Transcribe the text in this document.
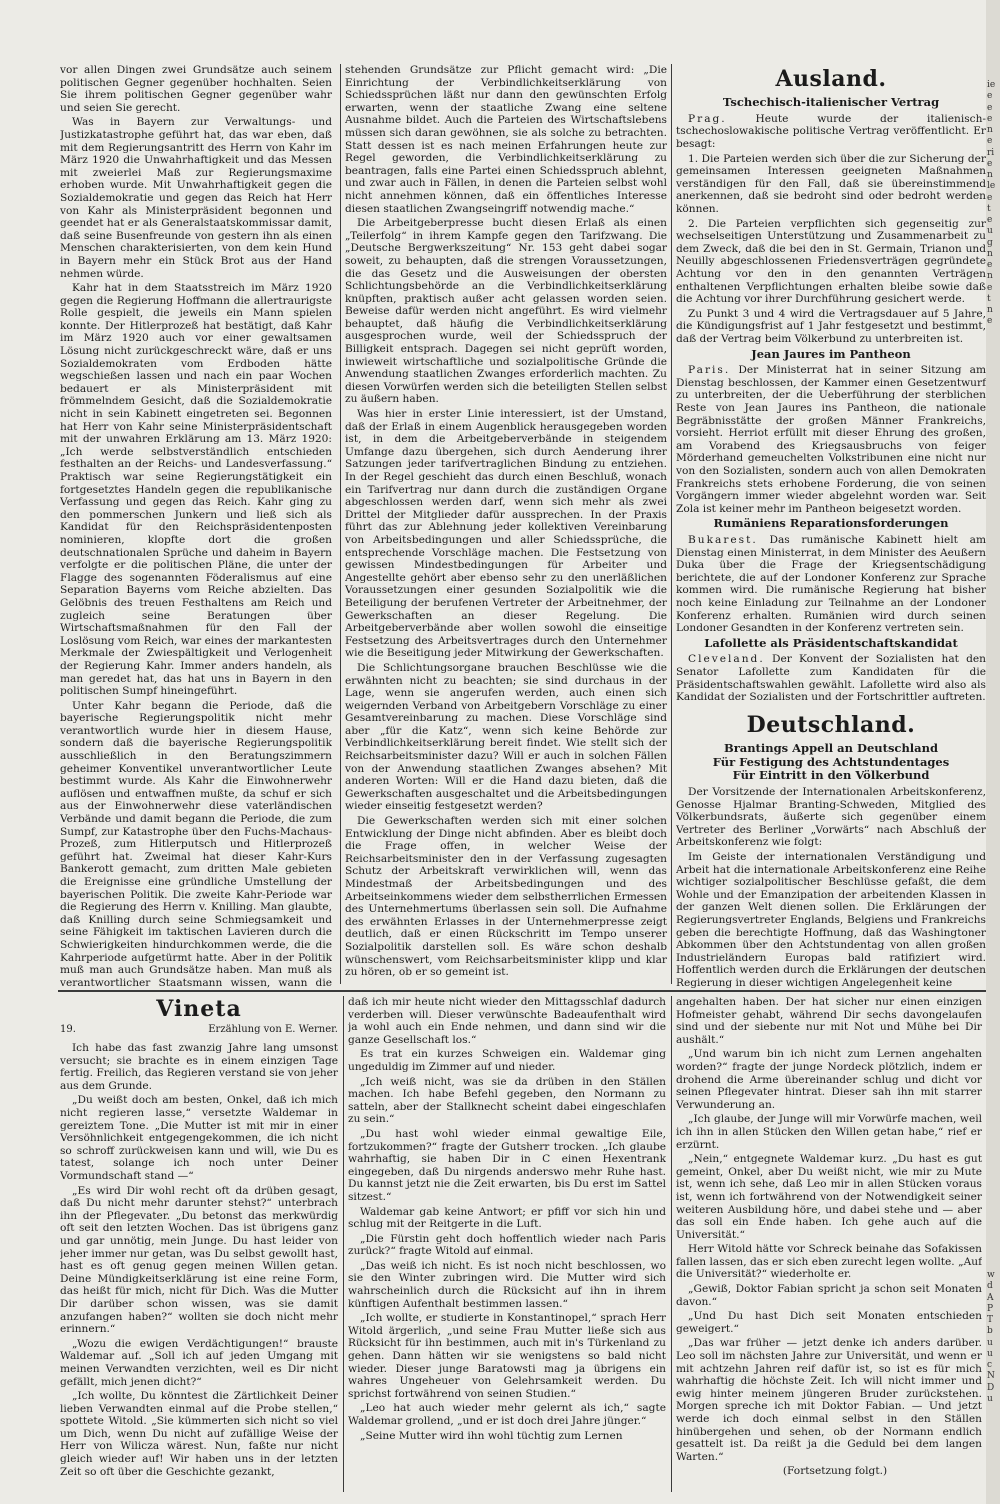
vor allen Dingen zwei Grundsätze auch seinem politischen Gegner gegenüber hochhalten. Seien Sie ihrem politischen Gegner gegenüber wahr und seien Sie gerecht.

Was in Bayern zur Verwaltungs- und Justizkatastrophe geführt hat, das war eben, daß mit dem Regierungsantritt des Herrn von Kahr im März 1920 die Unwahrhaftigkeit und das Messen mit zweierlei Maß zur Regierungsmaxime erhoben wurde. Mit Unwahrhaftigkeit gegen die Sozialdemokratie und gegen das Reich hat Herr von Kahr als Ministerpräsident begonnen und geendet hat er als Generalstaatskommissar damit, daß seine Busenfreunde von gestern ihn als einen Menschen charakterisierten, von dem kein Hund in Bayern mehr ein Stück Brot aus der Hand nehmen würde.

Kahr hat in dem Staatsstreich im März 1920 gegen die Regierung Hoffmann die allertraurigste Rolle gespielt, die jeweils ein Mann spielen konnte. Der Hitlerprozeß hat bestätigt, daß Kahr im März 1920 auch vor einer gewaltsamen Lösung nicht zurückgeschreckt wäre, daß er uns Sozialdemokraten vom Erdboden hätte wegschießen lassen und nach ein paar Wochen bedauert er als Ministerpräsident mit frömmelndem Gesicht, daß die Sozialdemokratie nicht in sein Kabinett eingetreten sei. Begonnen hat Herr von Kahr seine Ministerpräsidentschaft mit der unwahren Erklärung am 13. März 1920: „Ich werde selbstverständlich entschieden festhalten an der Reichs- und Landesverfassung.“ Praktisch war seine Regierungstätigkeit ein fortgesetztes Handeln gegen die republikanische Verfassung und gegen das Reich. Kahr ging zu den pommerschen Junkern und ließ sich als Kandidat für den Reichspräsidentenposten nominieren, klopfte dort die großen deutschnationalen Sprüche und daheim in Bayern verfolgte er die politischen Pläne, die unter der Flagge des sogenannten Föderalismus auf eine Separation Bayerns vom Reiche abzielten. Das Gelöbnis des treuen Festhaltens am Reich und zugleich seine Beratungen über Wirtschaftsmaßnahmen für den Fall der Loslösung vom Reich, war eines der markantesten Merkmale der Zwiespältigkeit und Verlogenheit der Regierung Kahr. Immer anders handeln, als man geredet hat, das hat uns in Bayern in den politischen Sumpf hineingeführt.

Unter Kahr begann die Periode, daß die bayerische Regierungspolitik nicht mehr verantwortlich wurde hier in diesem Hause, sondern daß die bayerische Regierungspolitik ausschließlich in den Beratungszimmern geheimer Konventikel unverantwortlicher Leute bestimmt wurde. Als Kahr die Einwohnerwehr auflösen und entwaffnen mußte, da schuf er sich aus der Einwohnerwehr diese vaterländischen Verbände und damit begann die Periode, die zum Sumpf, zur Katastrophe über den Fuchs-Machaus-Prozeß, zum Hitlerputsch und Hitlerprozeß geführt hat. Zweimal hat dieser Kahr-Kurs Bankerott gemacht, zum dritten Male gebieten die Ereignisse eine gründliche Umstellung der bayerischen Politik. Die zweite Kahr-Periode war die Regierung des Herrn v. Knilling. Man glaubte, daß Knilling durch seine Schmiegsamkeit und seine Fähigkeit im taktischen Lavieren durch die Schwierigkeiten hindurchkommen werde, die die Kahrperiode aufgetürmt hatte. Aber in der Politik muß man auch Grundsätze haben. Man muß als verantwortlicher Staatsmann wissen, wann die

stehenden Grundsätze zur Pflicht gemacht wird: „Die Einrichtung der Verbindlichkeitserklärung von Schiedssprüchen läßt nur dann den gewünschten Erfolg erwarten, wenn der staatliche Zwang eine seltene Ausnahme bildet. Auch die Parteien des Wirtschaftslebens müssen sich daran gewöhnen, sie als solche zu betrachten. Statt dessen ist es nach meinen Erfahrungen heute zur Regel geworden, die Verbindlichkeitserklärung zu beantragen, falls eine Partei einen Schiedsspruch ablehnt, und zwar auch in Fällen, in denen die Parteien selbst wohl nicht annehmen können, daß ein öffentliches Interesse diesen staatlichen Zwangseingriff notwendig mache.“

Die Arbeitgeberpresse bucht diesen Erlaß als einen „Teilerfolg“ in ihrem Kampfe gegen den Tarifzwang. Die „Deutsche Bergwerkszeitung“ Nr. 153 geht dabei sogar soweit, zu behaupten, daß die strengen Voraussetzungen, die das Gesetz und die Ausweisungen der obersten Schlichtungsbehörde an die Verbindlichkeitserklärung knüpften, praktisch außer acht gelassen worden seien. Beweise dafür werden nicht angeführt. Es wird vielmehr behauptet, daß häufig die Verbindlichkeitserklärung ausgesprochen wurde, weil der Schiedsspruch der Billigkeit entsprach. Dagegen sei nicht geprüft worden, inwieweit wirtschaftliche und sozialpolitische Gründe die Anwendung staatlichen Zwanges erforderlich machten. Zu diesen Vorwürfen werden sich die beteiligten Stellen selbst zu äußern haben.

Was hier in erster Linie interessiert, ist der Umstand, daß der Erlaß in einem Augenblick herausgegeben worden ist, in dem die Arbeitgeberverbände in steigendem Umfange dazu übergehen, sich durch Aenderung ihrer Satzungen jeder tarifvertraglichen Bindung zu entziehen. In der Regel geschieht das durch einen Beschluß, wonach ein Tarifvertrag nur dann durch die zuständigen Organe abgeschlossen werden darf, wenn sich mehr als zwei Drittel der Mitglieder dafür aussprechen. In der Praxis führt das zur Ablehnung jeder kollektiven Vereinbarung von Arbeitsbedingungen und aller Schiedssprüche, die entsprechende Vorschläge machen. Die Festsetzung von gewissen Mindestbedingungen für Arbeiter und Angestellte gehört aber ebenso sehr zu den unerläßlichen Voraussetzungen einer gesunden Sozialpolitik wie die Beteiligung der berufenen Vertreter der Arbeitnehmer, der Gewerkschaften an dieser Regelung. Die Arbeitgeberverbände aber wollen sowohl die einseitige Festsetzung des Arbeitsvertrages durch den Unternehmer wie die Beseitigung jeder Mitwirkung der Gewerkschaften.

Die Schlichtungsorgane brauchen Beschlüsse wie die erwähnten nicht zu beachten; sie sind durchaus in der Lage, wenn sie angerufen werden, auch einen sich weigernden Verband von Arbeitgebern Vorschläge zu einer Gesamtvereinbarung zu machen. Diese Vorschläge sind aber „für die Katz“, wenn sich keine Behörde zur Verbindlichkeitserklärung bereit findet. Wie stellt sich der Reichsarbeitsminister dazu? Will er auch in solchen Fällen von der Anwendung staatlichen Zwanges absehen? Mit anderen Worten: Will er die Hand dazu bieten, daß die Gewerkschaften ausgeschaltet und die Arbeitsbedingungen wieder einseitig festgesetzt werden?

Die Gewerkschaften werden sich mit einer solchen Entwicklung der Dinge nicht abfinden. Aber es bleibt doch die Frage offen, in welcher Weise der Reichsarbeitsminister den in der Verfassung zugesagten Schutz der Arbeitskraft verwirklichen will, wenn das Mindestmaß der Arbeitsbedingungen und des Arbeitseinkommens wieder dem selbstherrlichen Ermessen des Unternehmertums überlassen sein soll. Die Aufnahme des erwähnten Erlasses in der Unternehmerpresse zeigt deutlich, daß er einen Rückschritt im Tempo unserer Sozialpolitik darstellen soll. Es wäre schon deshalb wünschenswert, vom Reichsarbeitsminister klipp und klar zu hören, ob er so gemeint ist.

Ausland.
Tschechisch-italienischer Vertrag

Prag.	Heute wurde der italienisch-tschechoslowakische politische Vertrag veröffentlicht. Er besagt:

1. Die Parteien werden sich über die zur Sicherung der gemeinsamen Interessen geeigneten Maßnahmen verständigen für den Fall, daß sie übereinstimmend anerkennen, daß sie bedroht sind oder bedroht werden können.

2. Die Parteien verpflichten sich gegenseitig zur wechselseitigen Unterstützung und Zusammenarbeit zu dem Zweck, daß die bei den in St. Germain, Trianon und Neuilly abgeschlossenen Friedensverträgen gegründete Achtung vor den in den genannten Verträgen enthaltenen Verpflichtungen erhalten bleibe sowie daß die Achtung vor ihrer Durchführung gesichert werde.

Zu Punkt 3 und 4 wird die Vertragsdauer auf 5 Jahre, die Kündigungsfrist auf 1 Jahr festgesetzt und bestimmt, daß der Vertrag beim Völkerbund zu unterbreiten ist.

Jean Jaures im Pantheon

Paris. Der Ministerrat hat in seiner Sitzung am Dienstag beschlossen, der Kammer einen Gesetzentwurf zu unterbreiten, der die Ueberführung der sterblichen Reste von Jean Jaures ins Pantheon, die nationale Begräbnisstätte der großen Männer Frankreichs, vorsieht. Herriot erfüllt mit dieser Ehrung des großen, am Vorabend des Kriegsausbruchs von feiger Mörderhand gemeuchelten Volkstribunen eine nicht nur von den Sozialisten, sondern auch von allen Demokraten Frankreichs stets erhobene Forderung, die von seinen Vorgängern immer wieder abgelehnt worden war. Seit Zola ist keiner mehr im Pantheon beigesetzt worden.

Rumäniens Reparationsforderungen

Bukarest. Das rumänische Kabinett hielt am Dienstag einen Ministerrat, in dem Minister des Aeußern Duka über die Frage der Kriegsentschädigung berichtete, die auf der Londoner Konferenz zur Sprache kommen wird. Die rumänische Regierung hat bisher noch keine Einladung zur Teilnahme an der Londoner Konferenz erhalten. Rumänien wird durch seinen Londoner Gesandten in der Konferenz vertreten sein.

Lafollette als Präsidentschaftskandidat

Cleveland. Der Konvent der Sozialisten hat den Senator Lafollette zum Kandidaten für die Präsidentschaftswahlen gewählt. Lafollette wird also als Kandidat der Sozialisten und der Fortschrittler auftreten.

Deutschland.
Brantings Appell an Deutschland
Für Festigung des Achtstundentages
Für Eintritt in den Völkerbund

Der Vorsitzende der Internationalen Arbeitskonferenz, Genosse Hjalmar Branting-Schweden, Mitglied des Völkerbundsrats, äußerte sich gegenüber einem Vertreter des Berliner „Vorwärts“ nach Abschluß der Arbeitskonferenz wie folgt:

Im Geiste der internationalen Verständigung und Arbeit hat die internationale Arbeitskonferenz eine Reihe wichtiger sozialpolitischer Beschlüsse gefaßt, die dem Wohle und der Emanzipation der arbeitenden Klassen in der ganzen Welt dienen sollen. Die Erklärungen der Regierungsvertreter Englands, Belgiens und Frankreichs geben die berechtigte Hoffnung, daß das Washingtoner Abkommen über den Achtstundentag von allen großen Industrieländern Europas bald ratifiziert wird. Hoffentlich werden durch die Erklärungen der deutschen Regierung in dieser wichtigen Angelegenheit keine

Vineta
19.	Erzählung von E. Werner.

Ich habe das fast zwanzig Jahre lang umsonst versucht; sie brachte es in einem einzigen Tage fertig. Freilich, das Regieren verstand sie von jeher aus dem Grunde.

„Du weißt doch am besten, Onkel, daß ich mich nicht regieren lasse,“ versetzte Waldemar in gereiztem Tone. „Die Mutter ist mit mir in einer Versöhnlichkeit entgegengekommen, die ich nicht so schroff zurückweisen kann und will, wie Du es tatest, solange ich noch unter Deiner Vormundschaft stand —“

„Es wird Dir wohl recht oft da drüben gesagt, daß Du nicht mehr darunter stehst?“ unterbrach ihn der Pflegevater. „Du betonst das merkwürdig oft seit den letzten Wochen. Das ist übrigens ganz und gar unnötig, mein Junge. Du hast leider von jeher immer nur getan, was Du selbst gewollt hast, hast es oft genug gegen meinen Willen getan. Deine Mündigkeitserklärung ist eine reine Form, das heißt für mich, nicht für Dich. Was die Mutter Dir darüber schon wissen, was sie damit anzufangen haben?“ wollten sie doch nicht mehr erinnern.“

„Wozu die ewigen Verdächtigungen!“ brauste Waldemar auf. „Soll ich auf jeden Umgang mit meinen Verwandten verzichten, weil es Dir nicht gefällt, mich jenen dicht?“

„Ich wollte, Du könntest die Zärtlichkeit Deiner lieben Verwandten einmal auf die Probe stellen,“ spottete Witold. „Sie kümmerten sich nicht so viel um Dich, wenn Du nicht auf zufällige Weise der Herr von Wilicza wärest. Nun, faßte nur nicht gleich wieder auf! Wir haben uns in der letzten Zeit so oft über die Geschichte gezankt,

daß ich mir heute nicht wieder den Mittagsschlaf dadurch verderben will. Dieser verwünschte Badeaufenthalt wird ja wohl auch ein Ende nehmen, und dann sind wir die ganze Gesellschaft los.“

Es trat ein kurzes Schweigen ein. Waldemar ging ungeduldig im Zimmer auf und nieder.

„Ich weiß nicht, was sie da drüben in den Ställen machen. Ich habe Befehl gegeben, den Normann zu satteln, aber der Stallknecht scheint dabei eingeschlafen zu sein.“

„Du hast wohl wieder einmal gewaltige Eile, fortzukommen?“ fragte der Gutsherr trocken. „Ich glaube wahrhaftig, sie haben Dir in C einen Hexentrank eingegeben, daß Du nirgends anderswo mehr Ruhe hast. Du kannst jetzt nie die Zeit erwarten, bis Du erst im Sattel sitzest.“

Waldemar gab keine Antwort; er pfiff vor sich hin und schlug mit der Reitgerte in die Luft.

„Die Fürstin geht doch hoffentlich wieder nach Paris zurück?“ fragte Witold auf einmal.

„Das weiß ich nicht. Es ist noch nicht beschlossen, wo sie den Winter zubringen wird. Die Mutter wird sich wahrscheinlich durch die Rücksicht auf ihn in ihrem künftigen Aufenthalt bestimmen lassen.“

„Ich wollte, er studierte in Konstantinopel,“ sprach Herr Witold ärgerlich, „und seine Frau Mutter ließe sich aus Rücksicht für ihn bestimmen, auch mit in's Türkenland zu gehen. Dann hätten wir sie wenigstens so bald nicht wieder. Dieser junge Baratowsti mag ja übrigens ein wahres Ungeheuer von Gelehrsamkeit werden. Du sprichst fortwährend von seinen Studien.“

„Leo hat auch wieder mehr gelernt als ich,“ sagte Waldemar grollend, „und er ist doch drei Jahre jünger.“

„Seine Mutter wird ihn wohl tüchtig zum Lernen

angehalten haben. Der hat sicher nur einen einzigen Hofmeister gehabt, während Dir sechs davongelaufen sind und der siebente nur mit Not und Mühe bei Dir aushält.“

„Und warum bin ich nicht zum Lernen angehalten worden?“ fragte der junge Nordeck plötzlich, indem er drohend die Arme übereinander schlug und dicht vor seinen Pflegevater hintrat. Dieser sah ihn mit starrer Verwunderung an.

„Ich glaube, der Junge will mir Vorwürfe machen, weil ich ihn in allen Stücken den Willen getan habe,“ rief er erzürnt.

„Nein,“ entgegnete Waldemar kurz. „Du hast es gut gemeint, Onkel, aber Du weißt nicht, wie mir zu Mute ist, wenn ich sehe, daß Leo mir in allen Stücken voraus ist, wenn ich fortwährend von der Notwendigkeit seiner weiteren Ausbildung höre, und dabei stehe und — aber das soll ein Ende haben. Ich gehe auch auf die Universität.“

Herr Witold hätte vor Schreck beinahe das Sofakissen fallen lassen, das er sich eben zurecht legen wollte. „Auf die Universität?“ wiederholte er.

„Gewiß, Doktor Fabian spricht ja schon seit Monaten davon.“

„Und Du hast Dich seit Monaten entschieden geweigert.“

„Das war früher — jetzt denke ich anders darüber. Leo soll im nächsten Jahre zur Universität, und wenn er mit achtzehn Jahren reif dafür ist, so ist es für mich wahrhaftig die höchste Zeit. Ich will nicht immer und ewig hinter meinem jüngeren Bruder zurückstehen. Morgen spreche ich mit Doktor Fabian. — Und jetzt werde ich doch einmal selbst in den Ställen hinübergehen und sehen, ob der Normann endlich gesattelt ist. Da reißt ja die Geduld bei dem langen Warten.“

(Fortsetzung folgt.)

ie
e
e
e
n
e
ri
e
n
le
e
t
e
u
g
n
e
n
e
t
n
e
w
d
A
P
T
b
u
u
c
N
D
u
